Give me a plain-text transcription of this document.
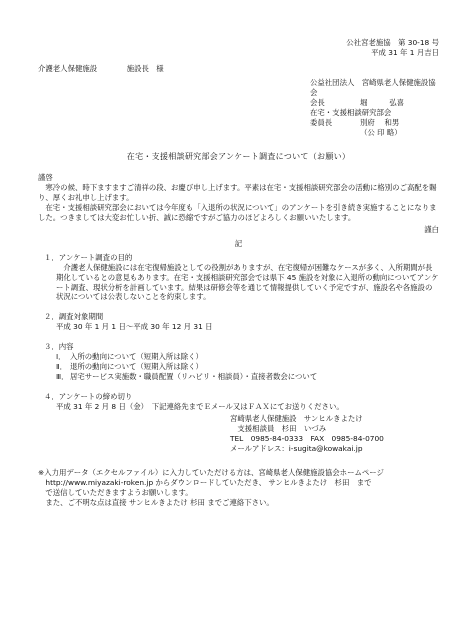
公社宮老施協　第 30-18 号
平成 31 年 1 月吉日
介護老人保健施設　　　　施設長　様
公益社団法人　宮崎県老人保健施設協会
会長	堀 　 　 弘喜
在宅・支援相談研究部会
委員長	別府　 和男
（公 印 略）
在宅・支援相談研究部会アンケート調査について（お願い）
謹啓

寒冷の候、時下ますますご清祥の段、お慶び申し上げます。平素は在宅・支援相談研究部会の活動に格別のご高配を賜り、厚くお礼申し上げます。

在宅・支援相談研究部会においては今年度も「入退所の状況について」のアンケートを引き続き実施することになりました。つきましては大変お忙しい折、誠に恐縮ですがご協力のほどよろしくお願いいたします。

謹白
記
１．アンケート調査の目的

介護老人保健施設には在宅復帰施設としての役割がありますが、在宅復帰が困難なケースが多く、入所期間が長期化しているとの意見もあります。在宅・支援相談研究部会では県下 45 施設を対象に入退所の動向についてアンケート調査、現状分析を計画しています。結果は研修会等を通じて情報提供していく予定ですが、施設名や各施設の状況については公表しないことを約束します。

２．調査対象期間

平成 30 年 1 月 1 日～平成 30 年 12 月 31 日

３．内容
Ⅰ． 入所の動向について（短期入所は除く）
Ⅱ． 退所の動向について（短期入所は除く）
Ⅲ． 居宅サービス実施数・職員配置（リハビリ・相談員）・直接者数会について
４．アンケートの締め切り

平成 31 年 2 月 8 日（金）　下記連絡先までＥメール又はＦＡＸにてお送りください。

宮崎県老人保健施設　サンヒルきよたけ
　支援相談員　杉田　いづみ
TEL　0985-84-0333　FAX　0985-84-0700
メールアドレス：i-sugita@kowakai.jp
※入力用データ（エクセルファイル）に入力していただける方は、宮崎県老人保健施設協会ホームページ
　http://www.miyazaki-roken.jp からダウンロードしていただき、 サンヒルきよたけ　杉田　まで
　で送信していただきますようお願いします。
　また、ご不明な点は直接 サンヒルきよたけ 杉田 までご連絡下さい。
